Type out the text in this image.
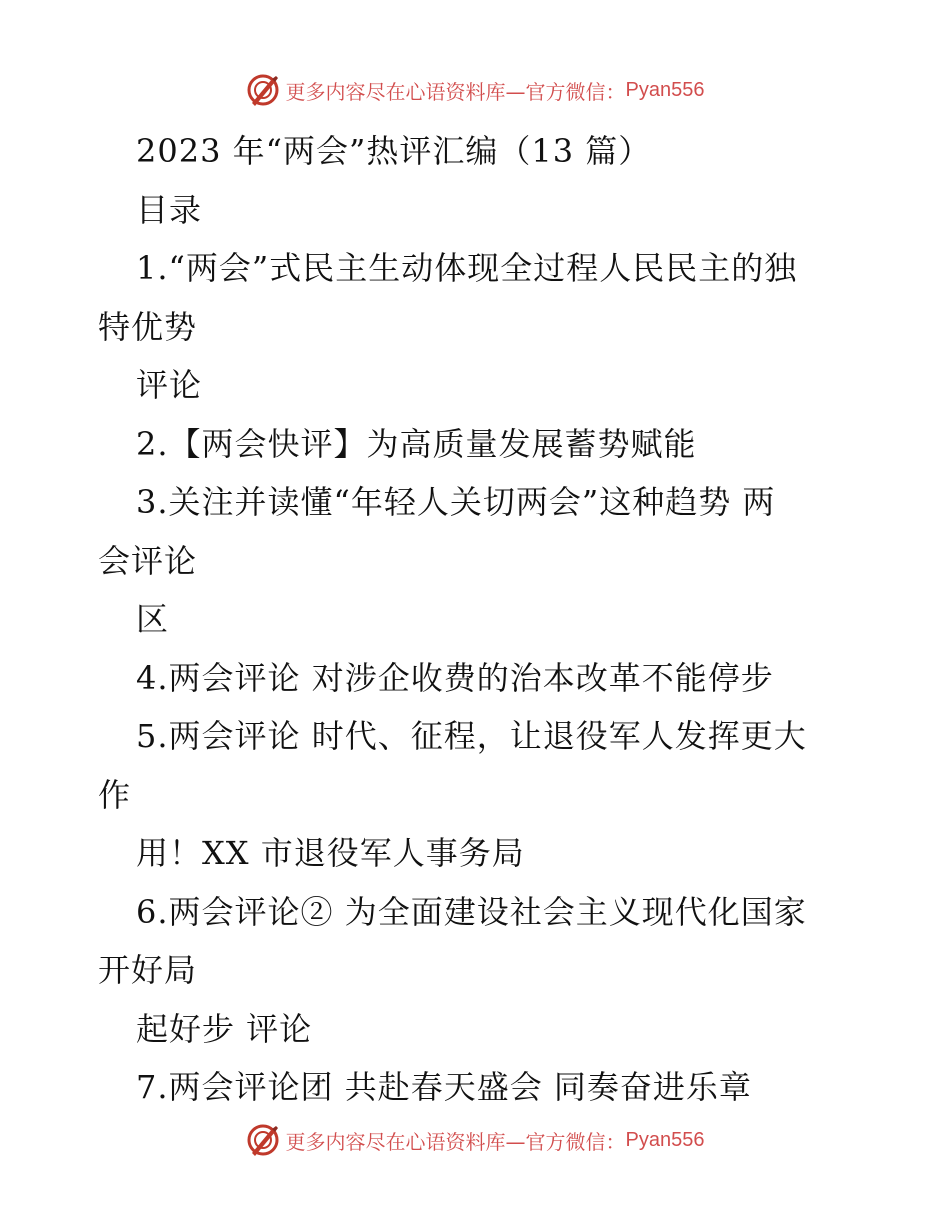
更多内容尽在心语资料库—官方微信： Pyan556
2023 年“两会”热评汇编（13 篇）
目录
1.“两会”式民主生动体现全过程人民民主的独
特优势
评论
2.【两会快评】为高质量发展蓄势赋能
3.关注并读懂“年轻人关切两会”这种趋势 两
会评论
区
4.两会评论 对涉企收费的治本改革不能停步
5.两会评论 时代、征程，让退役军人发挥更大
作
用！XX 市退役军人事务局
6.两会评论② 为全面建设社会主义现代化国家
开好局
起好步 评论
7.两会评论团 共赴春天盛会 同奏奋进乐章
更多内容尽在心语资料库—官方微信： Pyan556
